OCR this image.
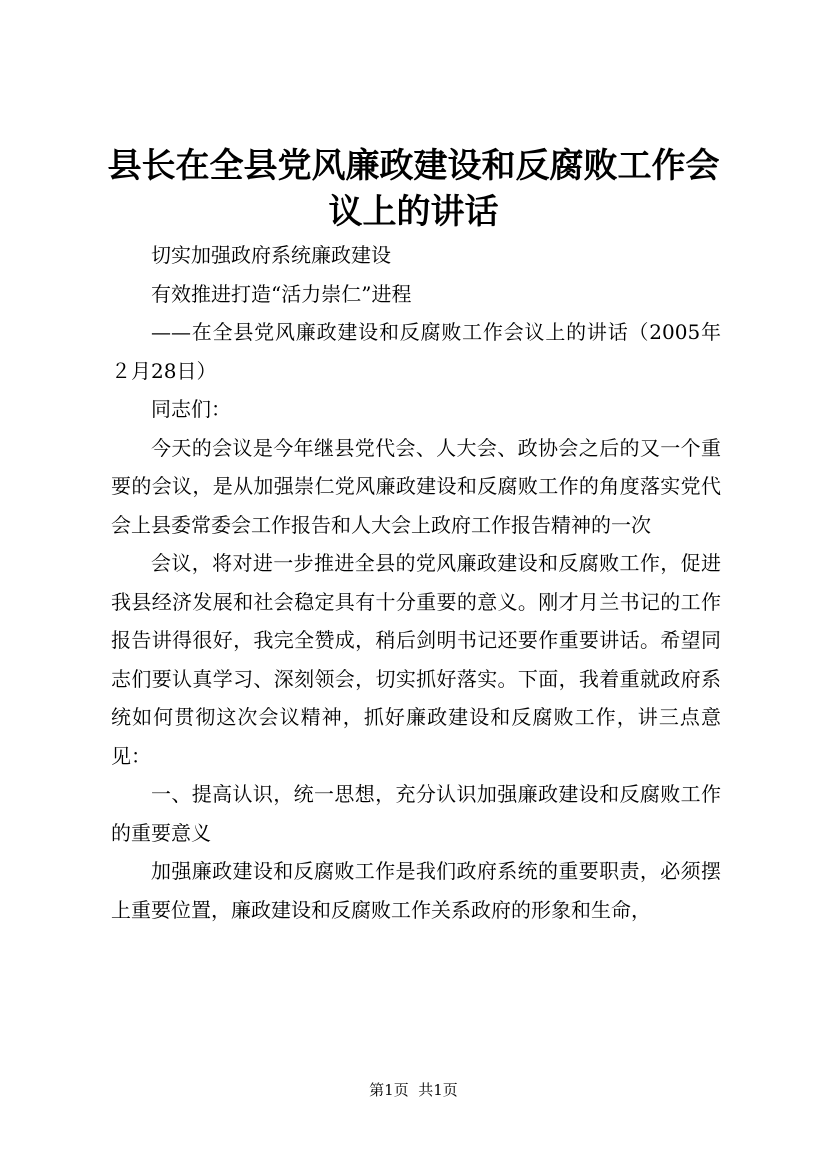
县长在全县党风廉政建设和反腐败工作会议上的讲话

切实加强政府系统廉政建设

有效推进打造“活力崇仁”进程

——在全县党风廉政建设和反腐败工作会议上的讲话（2005年２月28日）

同志们：

今天的会议是今年继县党代会、人大会、政协会之后的又一个重要的会议，是从加强崇仁党风廉政建设和反腐败工作的角度落实党代会上县委常委会工作报告和人大会上政府工作报告精神的一次

会议，将对进一步推进全县的党风廉政建设和反腐败工作，促进我县经济发展和社会稳定具有十分重要的意义。刚才月兰书记的工作报告讲得很好，我完全赞成，稍后剑明书记还要作重要讲话。希望同志们要认真学习、深刻领会，切实抓好落实。下面，我着重就政府系统如何贯彻这次会议精神，抓好廉政建设和反腐败工作，讲三点意见：

一、提高认识，统一思想，充分认识加强廉政建设和反腐败工作的重要意义

加强廉政建设和反腐败工作是我们政府系统的重要职责，必须摆上重要位置，廉政建设和反腐败工作关系政府的形象和生命，

第1页 共1页
